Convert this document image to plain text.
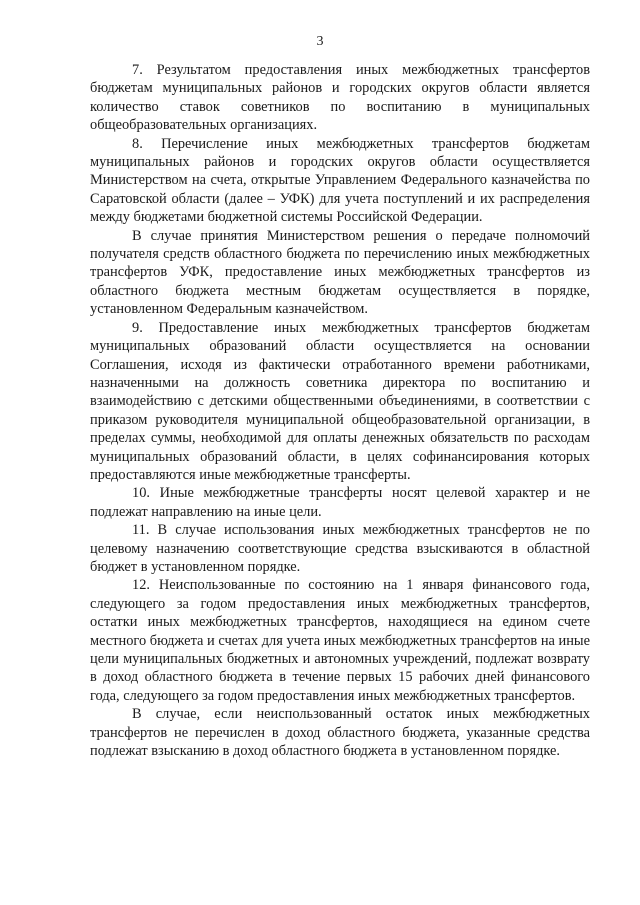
3

7. Результатом предоставления иных межбюджетных трансфертов бюджетам муниципальных районов и городских округов области является количество ставок советников по воспитанию в муниципальных общеобразовательных организациях.

8. Перечисление иных межбюджетных трансфертов бюджетам муниципальных районов и городских округов области осуществляется Министерством на счета, открытые Управлением Федерального казначейства по Саратовской области (далее – УФК) для учета поступлений и их распределения между бюджетами бюджетной системы Российской Федерации.

В случае принятия Министерством решения о передаче полномочий получателя средств областного бюджета по перечислению иных межбюджетных трансфертов УФК, предоставление иных межбюджетных трансфертов из областного бюджета местным бюджетам осуществляется в порядке, установленном Федеральным казначейством.

9. Предоставление иных межбюджетных трансфертов бюджетам муниципальных образований области осуществляется на основании Соглашения, исходя из фактически отработанного времени работниками, назначенными на должность советника директора по воспитанию и взаимодействию с детскими общественными объединениями, в соответствии с приказом руководителя муниципальной общеобразовательной организации, в пределах суммы, необходимой для оплаты денежных обязательств по расходам муниципальных образований области, в целях софинансирования которых предоставляются иные межбюджетные трансферты.

10. Иные межбюджетные трансферты носят целевой характер и не подлежат направлению на иные цели.

11. В случае использования иных межбюджетных трансфертов не по целевому назначению соответствующие средства взыскиваются в областной бюджет в установленном порядке.

12. Неиспользованные по состоянию на 1 января финансового года, следующего за годом предоставления иных межбюджетных трансфертов, остатки иных межбюджетных трансфертов, находящиеся на едином счете местного бюджета и счетах для учета иных межбюджетных трансфертов на иные цели муниципальных бюджетных и автономных учреждений, подлежат возврату в доход областного бюджета в течение первых 15 рабочих дней финансового года, следующего за годом предоставления иных межбюджетных трансфертов.

В случае, если неиспользованный остаток иных межбюджетных трансфертов не перечислен в доход областного бюджета, указанные средства подлежат взысканию в доход областного бюджета в установленном порядке.
